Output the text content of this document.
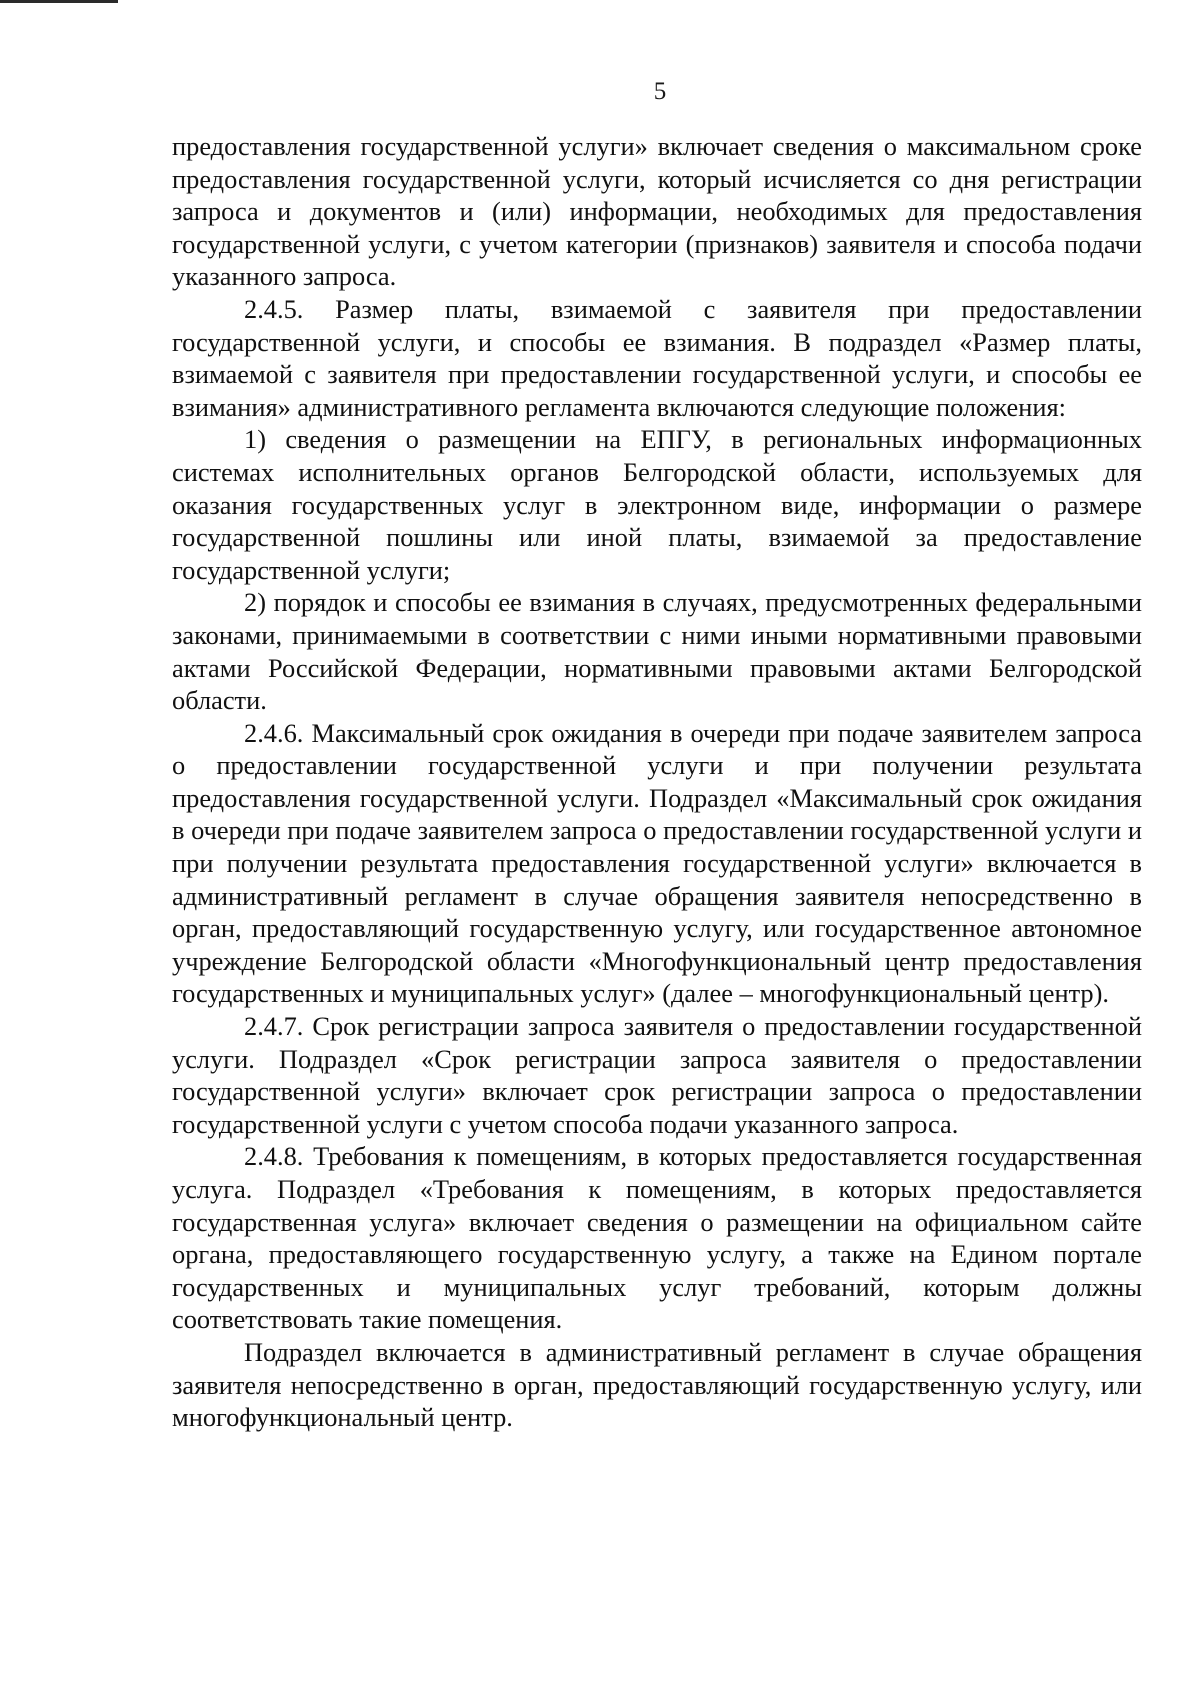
5

предоставления государственной услуги» включает сведения о максимальном сроке предоставления государственной услуги, который исчисляется со дня регистрации запроса и документов и (или) информации, необходимых для предоставления государственной услуги, с учетом категории (признаков) заявителя и способа подачи указанного запроса.

2.4.5. Размер платы, взимаемой с заявителя при предоставлении государственной услуги, и способы ее взимания. В подраздел «Размер платы, взимаемой с заявителя при предоставлении государственной услуги, и способы ее взимания» административного регламента включаются следующие положения:

1) сведения о размещении на ЕПГУ, в региональных информационных системах исполнительных органов Белгородской области, используемых для оказания государственных услуг в электронном виде, информации о размере государственной пошлины или иной платы, взимаемой за предоставление государственной услуги;

2) порядок и способы ее взимания в случаях, предусмотренных федеральными законами, принимаемыми в соответствии с ними иными нормативными правовыми актами Российской Федерации, нормативными правовыми актами Белгородской области.

2.4.6. Максимальный срок ожидания в очереди при подаче заявителем запроса о предоставлении государственной услуги и при получении результата предоставления государственной услуги. Подраздел «Максимальный срок ожидания в очереди при подаче заявителем запроса о предоставлении государственной услуги и при получении результата предоставления государственной услуги» включается в административный регламент в случае обращения заявителя непосредственно в орган, предоставляющий государственную услугу, или государственное автономное учреждение Белгородской области «Многофункциональный центр предоставления государственных и муниципальных услуг» (далее – многофункциональный центр).

2.4.7. Срок регистрации запроса заявителя о предоставлении государственной услуги. Подраздел «Срок регистрации запроса заявителя о предоставлении государственной услуги» включает срок регистрации запроса о предоставлении государственной услуги с учетом способа подачи указанного запроса.

2.4.8. Требования к помещениям, в которых предоставляется государственная услуга. Подраздел «Требования к помещениям, в которых предоставляется государственная услуга» включает сведения о размещении на официальном сайте органа, предоставляющего государственную услугу, а также на Едином портале государственных и муниципальных услуг требований, которым должны соответствовать такие помещения.

Подраздел включается в административный регламент в случае обращения заявителя непосредственно в орган, предоставляющий государственную услугу, или многофункциональный центр.
